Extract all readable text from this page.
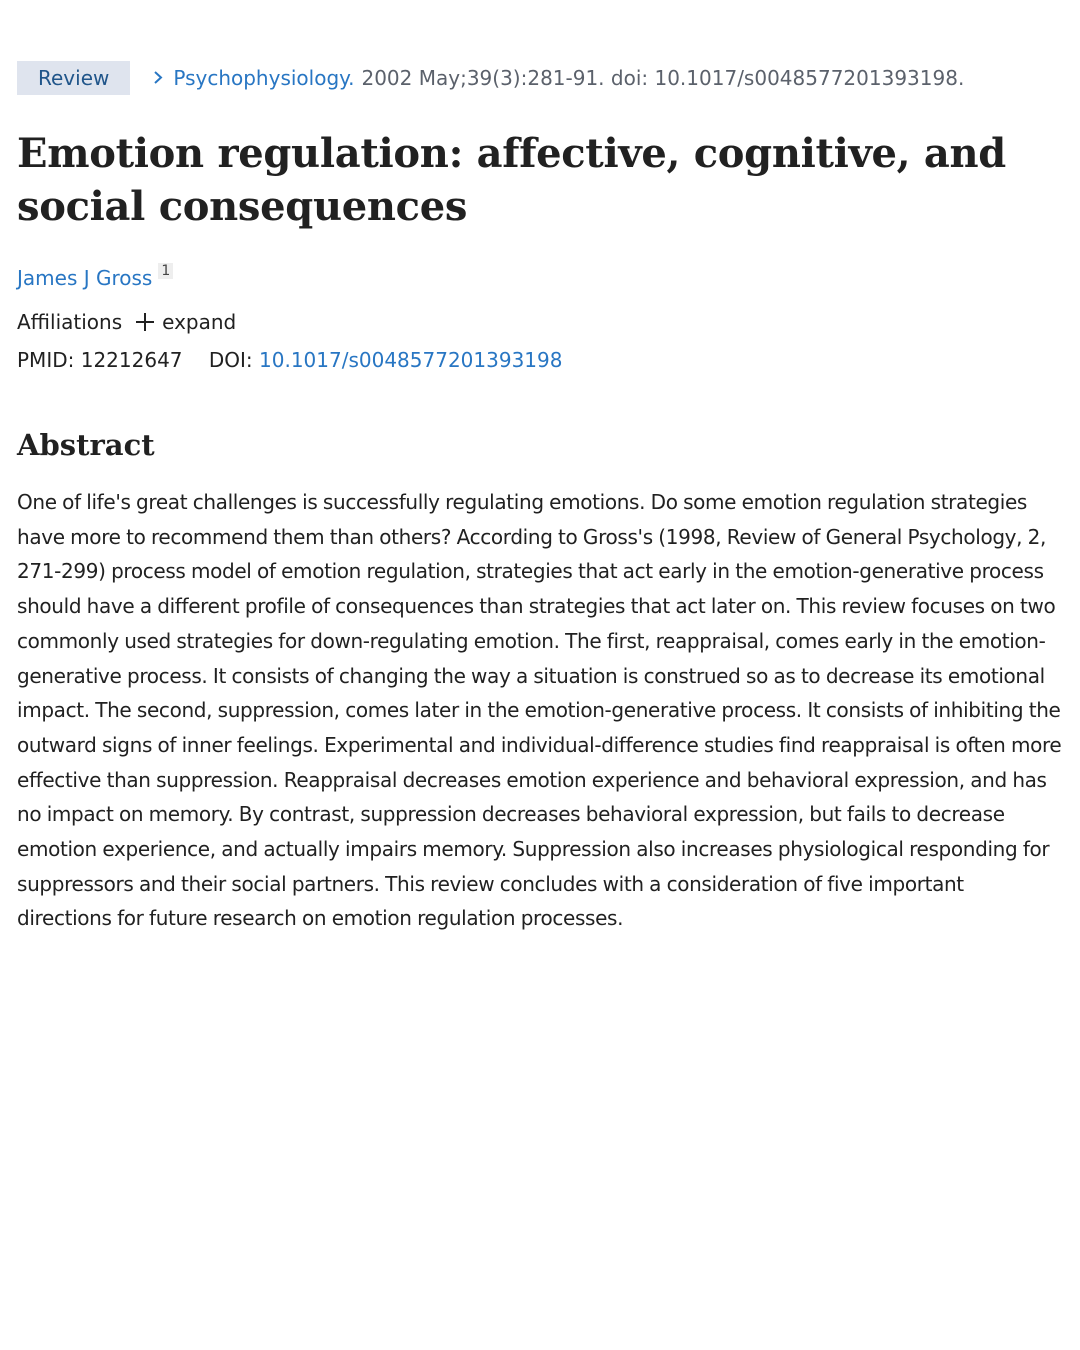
Review	Psychophysiology. 2002 May;39(3):281-91. doi: 10.1017/s0048577201393198.
Emotion regulation: affective, cognitive, and social consequences
James J Gross 1
Affiliations expand
PMID: 12212647 DOI: 10.1017/s0048577201393198
Abstract

One of life's great challenges is successfully regulating emotions. Do some emotion regulation strategies have more to recommend them than others? According to Gross's (1998, Review of General Psychology, 2, 271-299) process model of emotion regulation, strategies that act early in the emotion-generative process should have a different profile of consequences than strategies that act later on. This review focuses on two commonly used strategies for down-regulating emotion. The first, reappraisal, comes early in the emotion-generative process. It consists of changing the way a situation is construed so as to decrease its emotional impact. The second, suppression, comes later in the emotion-generative process. It consists of inhibiting the outward signs of inner feelings. Experimental and individual-difference studies find reappraisal is often more effective than suppression. Reappraisal decreases emotion experience and behavioral expression, and has no impact on memory. By contrast, suppression decreases behavioral expression, but fails to decrease emotion experience, and actually impairs memory. Suppression also increases physiological responding for suppressors and their social partners. This review concludes with a consideration of five important directions for future research on emotion regulation processes.
